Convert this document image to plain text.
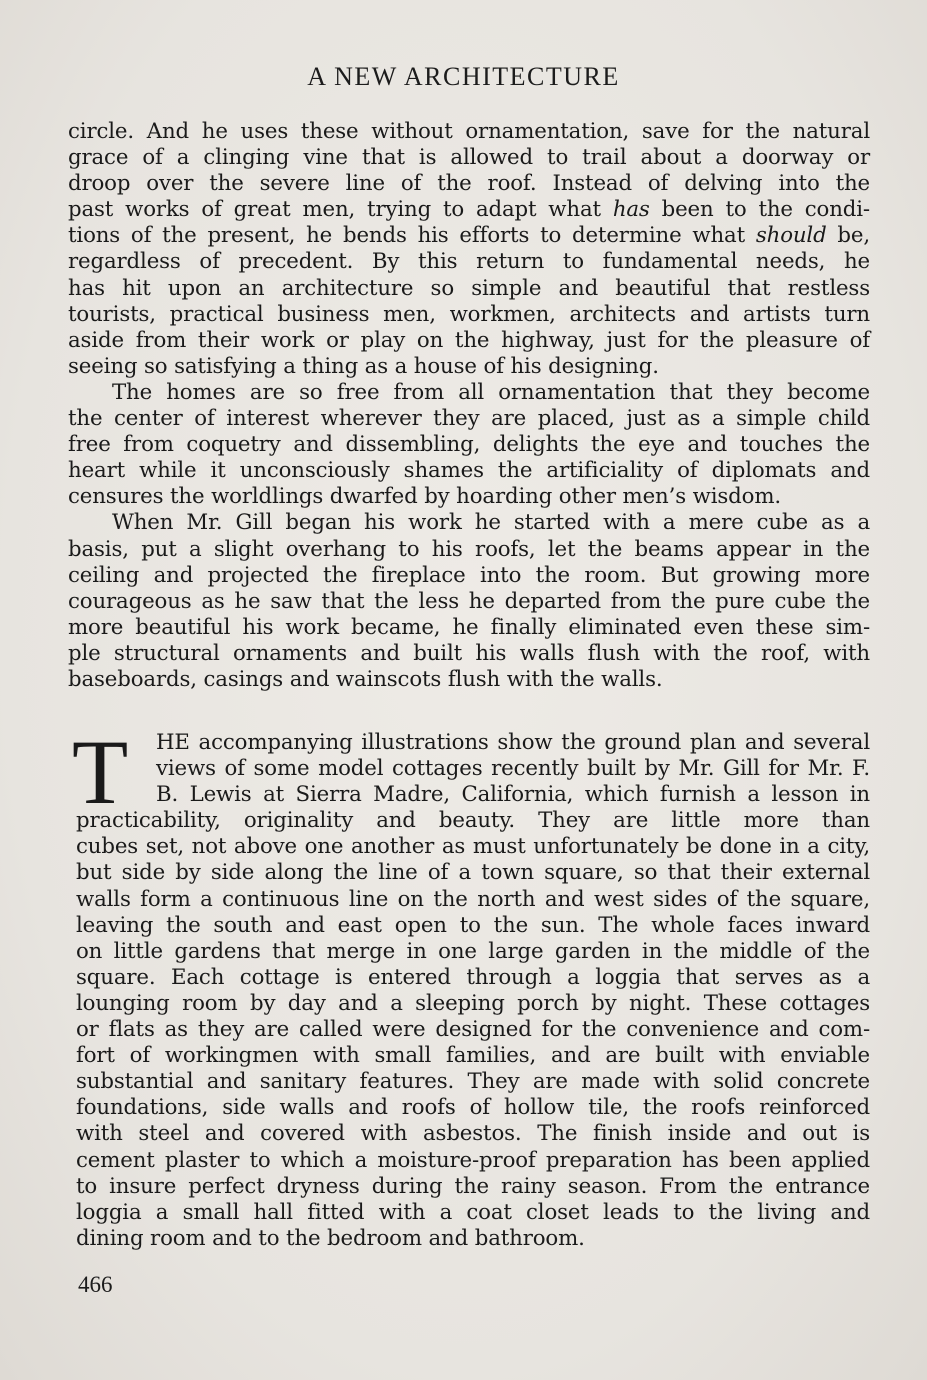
A NEW ARCHITECTURE
circle. And he uses these without ornamentation, save for the natural
grace of a clinging vine that is allowed to trail about a doorway or
droop over the severe line of the roof. Instead of delving into the
past works of great men, trying to adapt what has been to the condi-
tions of the present, he bends his efforts to determine what should be,
regardless of precedent. By this return to fundamental needs, he
has hit upon an architecture so simple and beautiful that restless
tourists, practical business men, workmen, architects and artists turn
aside from their work or play on the highway, just for the pleasure of
seeing so satisfying a thing as a house of his designing.
The homes are so free from all ornamentation that they become
the center of interest wherever they are placed, just as a simple child
free from coquetry and dissembling, delights the eye and touches the
heart while it unconsciously shames the artificiality of diplomats and
censures the worldlings dwarfed by hoarding other men’s wisdom.
When Mr. Gill began his work he started with a mere cube as a
basis, put a slight overhang to his roofs, let the beams appear in the
ceiling and projected the fireplace into the room. But growing more
courageous as he saw that the less he departed from the pure cube the
more beautiful his work became, he finally eliminated even these sim-
ple structural ornaments and built his walls flush with the roof, with
baseboards, casings and wainscots flush with the walls.
T	HE accompanying illustrations show the ground plan and several
views of some model cottages recently built by Mr. Gill for Mr. F.
B. Lewis at Sierra Madre, California, which furnish a lesson in
practicability, originality and beauty. They are little more than
cubes set, not above one another as must unfortunately be done in a city,
but side by side along the line of a town square, so that their external
walls form a continuous line on the north and west sides of the square,
leaving the south and east open to the sun. The whole faces inward
on little gardens that merge in one large garden in the middle of the
square. Each cottage is entered through a loggia that serves as a
lounging room by day and a sleeping porch by night. These cottages
or flats as they are called were designed for the convenience and com-
fort of workingmen with small families, and are built with enviable
substantial and sanitary features. They are made with solid concrete
foundations, side walls and roofs of hollow tile, the roofs reinforced
with steel and covered with asbestos. The finish inside and out is
cement plaster to which a moisture-proof preparation has been applied
to insure perfect dryness during the rainy season. From the entrance
loggia a small hall fitted with a coat closet leads to the living and
dining room and to the bedroom and bathroom.
466
